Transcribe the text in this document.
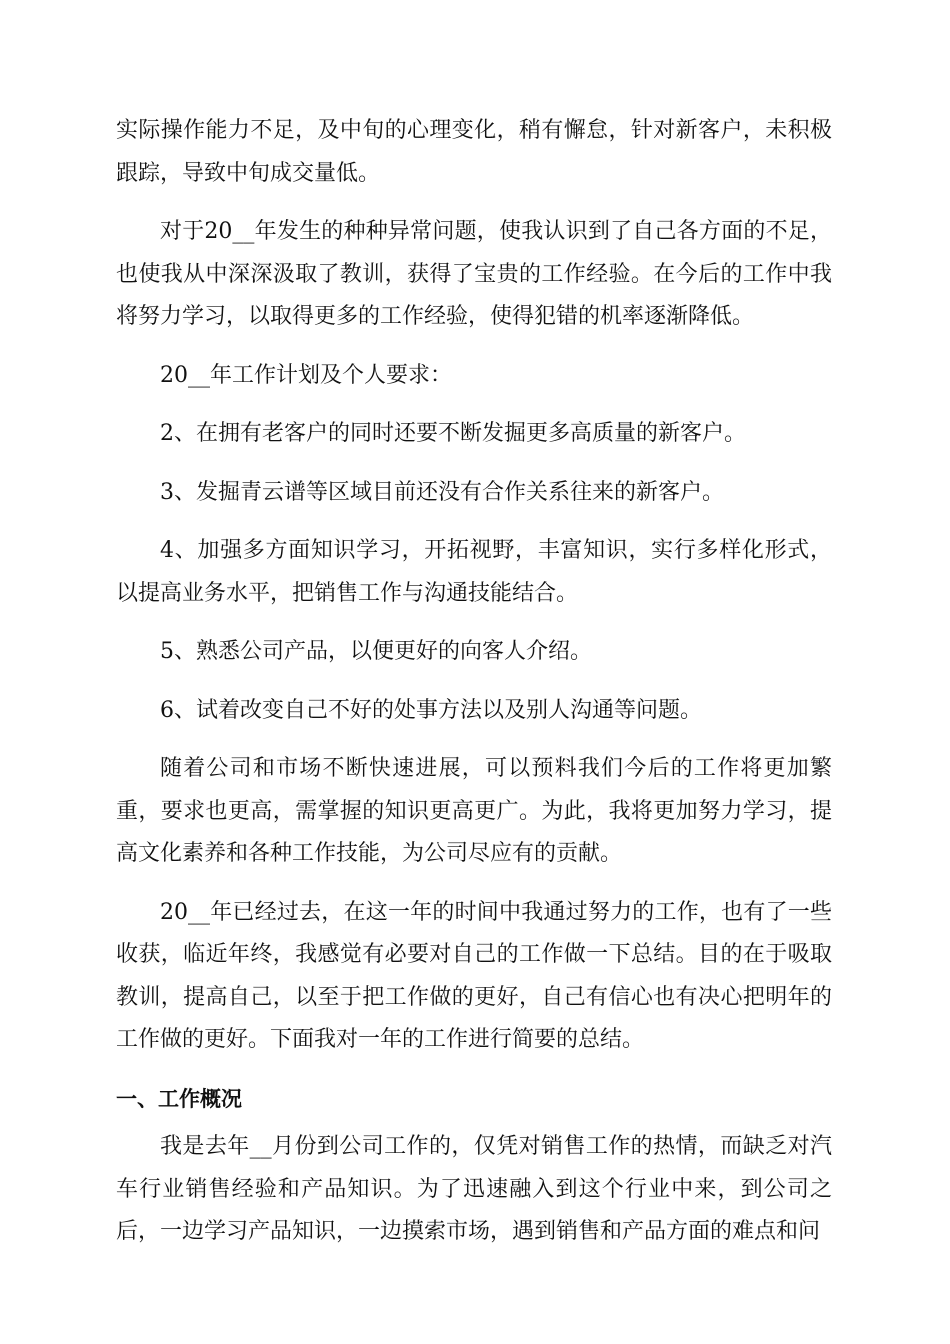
实际操作能力不足，及中旬的心理变化，稍有懈怠，针对新客户，未积极跟踪，导致中旬成交量低。

对于20__年发生的种种异常问题，使我认识到了自己各方面的不足，也使我从中深深汲取了教训，获得了宝贵的工作经验。在今后的工作中我将努力学习，以取得更多的工作经验，使得犯错的机率逐渐降低。

20__年工作计划及个人要求：

2、在拥有老客户的同时还要不断发掘更多高质量的新客户。

3、发掘青云谱等区域目前还没有合作关系往来的新客户。

4、加强多方面知识学习，开拓视野，丰富知识，实行多样化形式，以提高业务水平，把销售工作与沟通技能结合。

5、熟悉公司产品，以便更好的向客人介绍。

6、试着改变自己不好的处事方法以及别人沟通等问题。

随着公司和市场不断快速进展，可以预料我们今后的工作将更加繁重，要求也更高，需掌握的知识更高更广。为此，我将更加努力学习，提高文化素养和各种工作技能，为公司尽应有的贡献。

20__年已经过去，在这一年的时间中我通过努力的工作，也有了一些收获，临近年终，我感觉有必要对自己的工作做一下总结。目的在于吸取教训，提高自己，以至于把工作做的更好，自己有信心也有决心把明年的工作做的更好。下面我对一年的工作进行简要的总结。

一、工作概况

我是去年__月份到公司工作的，仅凭对销售工作的热情，而缺乏对汽车行业销售经验和产品知识。为了迅速融入到这个行业中来，到公司之后，一边学习产品知识，一边摸索市场，遇到销售和产品方面的难点和问
